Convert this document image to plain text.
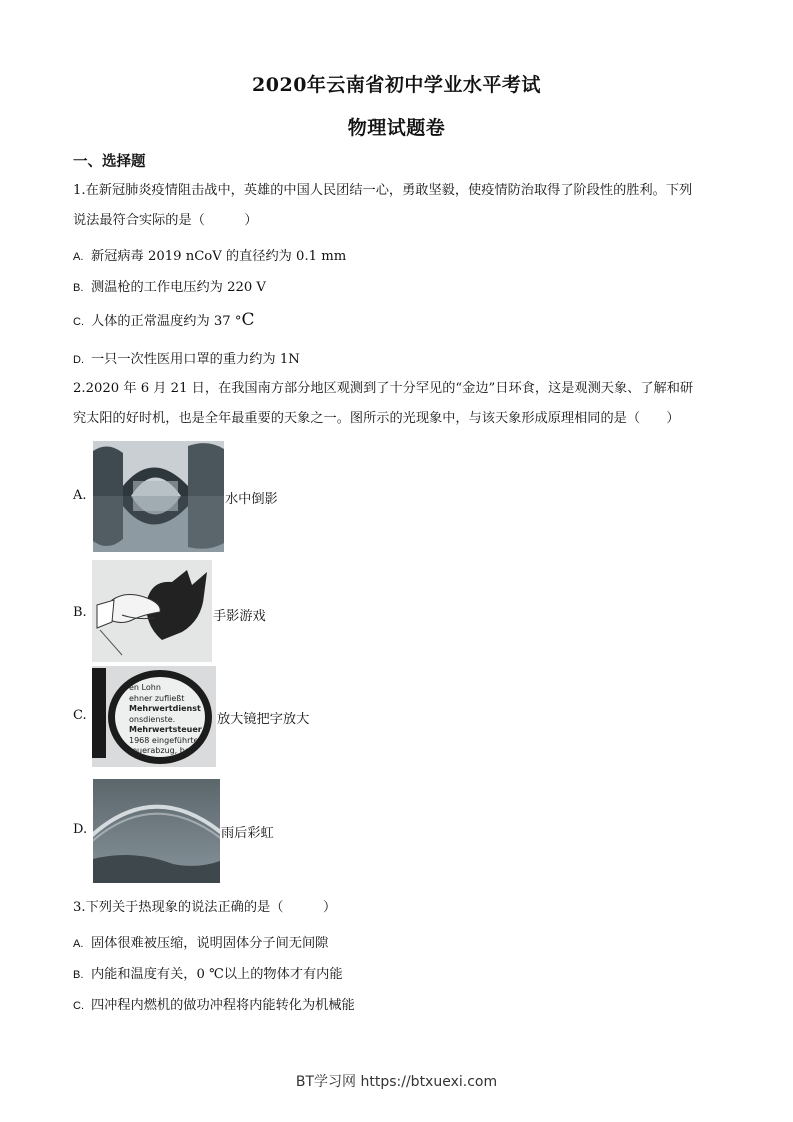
2020年云南省初中学业水平考试
物理试题卷
一、选择题
1.在新冠肺炎疫情阻击战中，英雄的中国人民团结一心，勇敢坚毅，使疫情防治取得了阶段性的胜利。下列
说法最符合实际的是（　　　）
A. 新冠病毒 2019 nCoV 的直径约为 0.1 mm
B. 测温枪的工作电压约为 220 V
C. 人体的正常温度约为 37 °C
D. 一只一次性医用口罩的重力约为 1N
2.2020 年 6 月 21 日，在我国南方部分地区观测到了十分罕见的“金边”日环食，这是观测天象、了解和研
究太阳的好时机，也是全年最重要的天象之一。图所示的光现象中，与该天象形成原理相同的是（　　）
A.	水中倒影
B.	手影游戏
C.
en Lohn
ehner zufließt
Mehrwertdienst
onsdienste.
Mehrwertsteuer
1968 eingeführte
teuerabzug, bei
pfang der
放大镜把字放大
D.	雨后彩虹
3.下列关于热现象的说法正确的是（　　　）
A. 固体很难被压缩，说明固体分子间无间隙
B. 内能和温度有关，0 ℃以上的物体才有内能
C. 四冲程内燃机的做功冲程将内能转化为机械能
BT学习网 https://btxuexi.com
